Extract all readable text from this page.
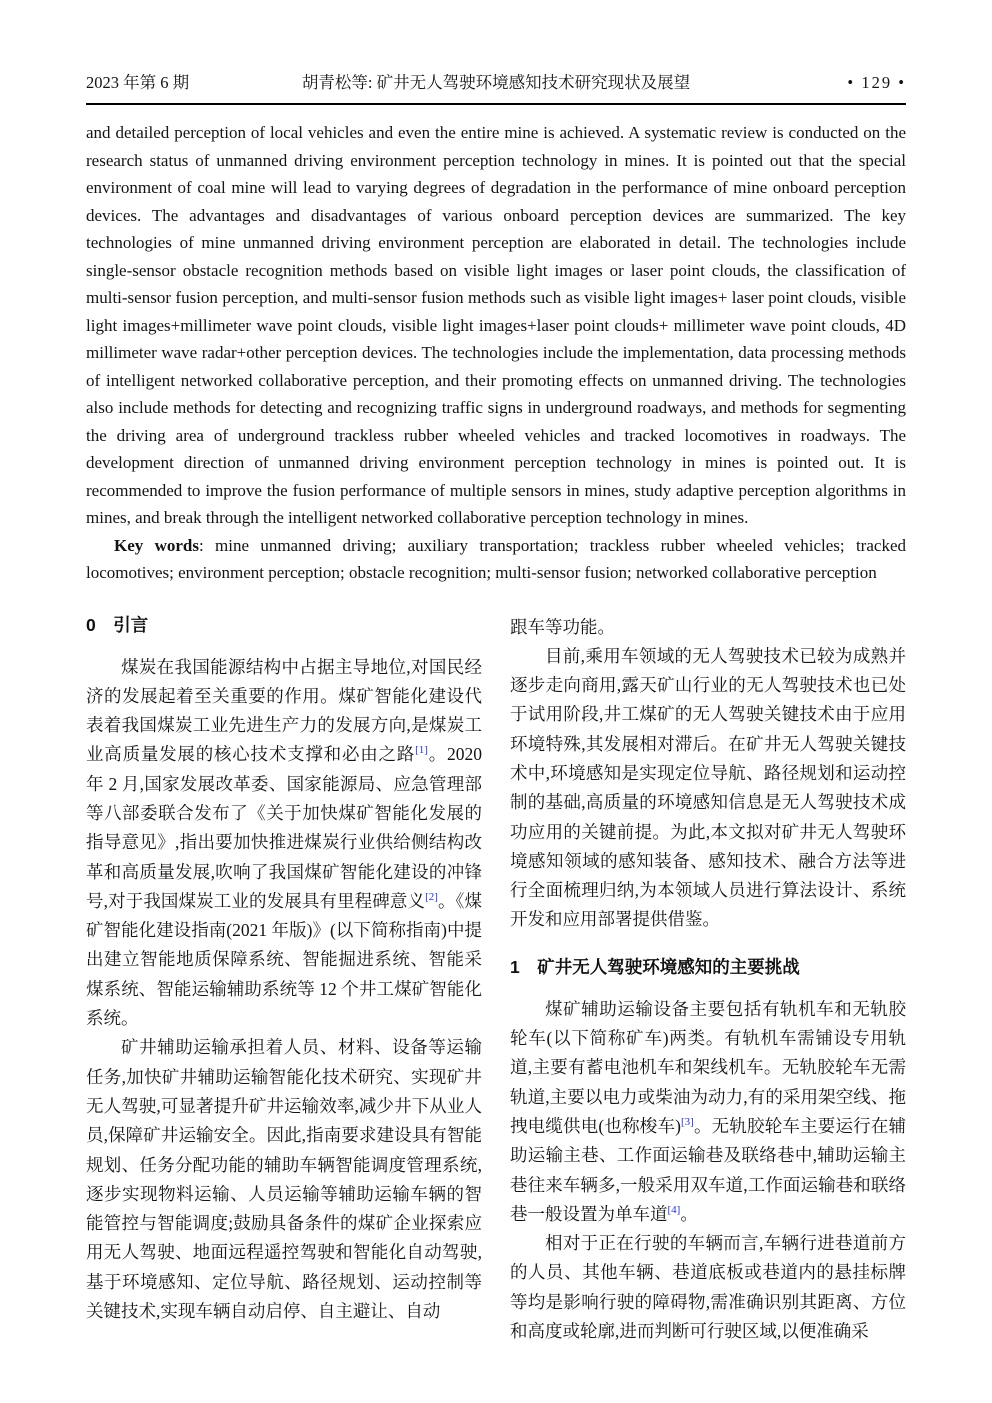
2023 年第 6 期	胡青松等: 矿井无人驾驶环境感知技术研究现状及展望	• 129 •

and detailed perception of local vehicles and even the entire mine is achieved. A systematic review is conducted on the research status of unmanned driving environment perception technology in mines. It is pointed out that the special environment of coal mine will lead to varying degrees of degradation in the performance of mine onboard perception devices. The advantages and disadvantages of various onboard perception devices are summarized. The key technologies of mine unmanned driving environment perception are elaborated in detail. The technologies include single-sensor obstacle recognition methods based on visible light images or laser point clouds, the classification of multi-sensor fusion perception, and multi-sensor fusion methods such as visible light images+ laser point clouds, visible light images+millimeter wave point clouds, visible light images+laser point clouds+ millimeter wave point clouds, 4D millimeter wave radar+other perception devices. The technologies include the implementation, data processing methods of intelligent networked collaborative perception, and their promoting effects on unmanned driving. The technologies also include methods for detecting and recognizing traffic signs in underground roadways, and methods for segmenting the driving area of underground trackless rubber wheeled vehicles and tracked locomotives in roadways. The development direction of unmanned driving environment perception technology in mines is pointed out. It is recommended to improve the fusion performance of multiple sensors in mines, study adaptive perception algorithms in mines, and break through the intelligent networked collaborative perception technology in mines.

Key words: mine unmanned driving; auxiliary transportation; trackless rubber wheeled vehicles; tracked locomotives; environment perception; obstacle recognition; multi-sensor fusion; networked collaborative perception

0 引言

煤炭在我国能源结构中占据主导地位,对国民经济的发展起着至关重要的作用。煤矿智能化建设代表着我国煤炭工业先进生产力的发展方向,是煤炭工业高质量发展的核心技术支撑和必由之路[1]。2020 年 2 月,国家发展改革委、国家能源局、应急管理部等八部委联合发布了《关于加快煤矿智能化发展的指导意见》,指出要加快推进煤炭行业供给侧结构改革和高质量发展,吹响了我国煤矿智能化建设的冲锋号,对于我国煤炭工业的发展具有里程碑意义[2]。《煤矿智能化建设指南(2021 年版)》(以下简称指南)中提出建立智能地质保障系统、智能掘进系统、智能采煤系统、智能运输辅助系统等 12 个井工煤矿智能化系统。

矿井辅助运输承担着人员、材料、设备等运输任务,加快矿井辅助运输智能化技术研究、实现矿井无人驾驶,可显著提升矿井运输效率,减少井下从业人员,保障矿井运输安全。因此,指南要求建设具有智能规划、任务分配功能的辅助车辆智能调度管理系统,逐步实现物料运输、人员运输等辅助运输车辆的智能管控与智能调度;鼓励具备条件的煤矿企业探索应用无人驾驶、地面远程遥控驾驶和智能化自动驾驶,基于环境感知、定位导航、路径规划、运动控制等关键技术,实现车辆自动启停、自主避让、自动

跟车等功能。

目前,乘用车领域的无人驾驶技术已较为成熟并逐步走向商用,露天矿山行业的无人驾驶技术也已处于试用阶段,井工煤矿的无人驾驶关键技术由于应用环境特殊,其发展相对滞后。在矿井无人驾驶关键技术中,环境感知是实现定位导航、路径规划和运动控制的基础,高质量的环境感知信息是无人驾驶技术成功应用的关键前提。为此,本文拟对矿井无人驾驶环境感知领域的感知装备、感知技术、融合方法等进行全面梳理归纳,为本领域人员进行算法设计、系统开发和应用部署提供借鉴。

1 矿井无人驾驶环境感知的主要挑战

煤矿辅助运输设备主要包括有轨机车和无轨胶轮车(以下简称矿车)两类。有轨机车需铺设专用轨道,主要有蓄电池机车和架线机车。无轨胶轮车无需轨道,主要以电力或柴油为动力,有的采用架空线、拖拽电缆供电(也称梭车)[3]。无轨胶轮车主要运行在辅助运输主巷、工作面运输巷及联络巷中,辅助运输主巷往来车辆多,一般采用双车道,工作面运输巷和联络巷一般设置为单车道[4]。

相对于正在行驶的车辆而言,车辆行进巷道前方的人员、其他车辆、巷道底板或巷道内的悬挂标牌等均是影响行驶的障碍物,需准确识别其距离、方位和高度或轮廓,进而判断可行驶区域,以便准确采
